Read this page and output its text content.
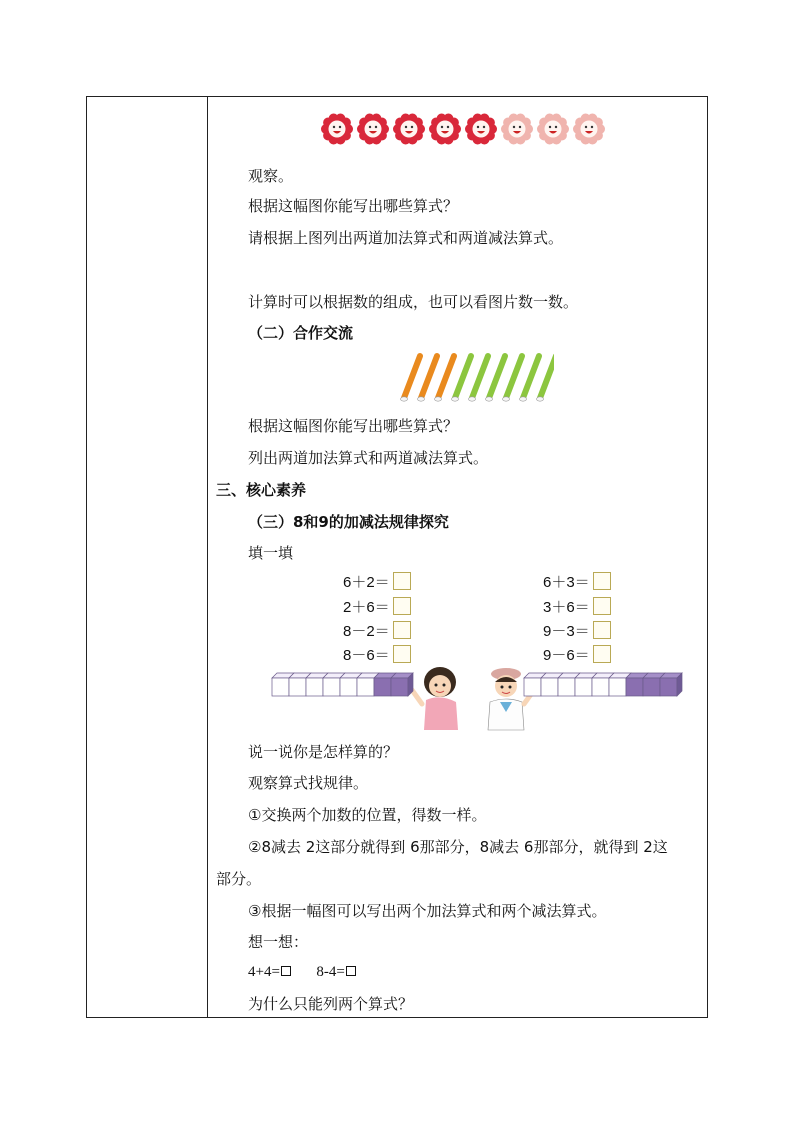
观察。
根据这幅图你能写出哪些算式？
请根据上图列出两道加法算式和两道减法算式。
计算时可以根据数的组成，也可以看图片数一数。
（二）合作交流
根据这幅图你能写出哪些算式？
列出两道加法算式和两道减法算式。
三、核心素养
（三）8和9的加减法规律探究
填一填
6＋2＝
2＋6＝
8－2＝
8－6＝
6＋3＝
3＋6＝
9－3＝
9－6＝
说一说你是怎样算的？
观察算式找规律。
①交换两个加数的位置，得数一样。
②8减去 2这部分就得到 6那部分，8减去 6那部分，就得到 2这
部分。
③根据一幅图可以写出两个加法算式和两个减法算式。
想一想：
4+4= 8-4=
为什么只能列两个算式？
